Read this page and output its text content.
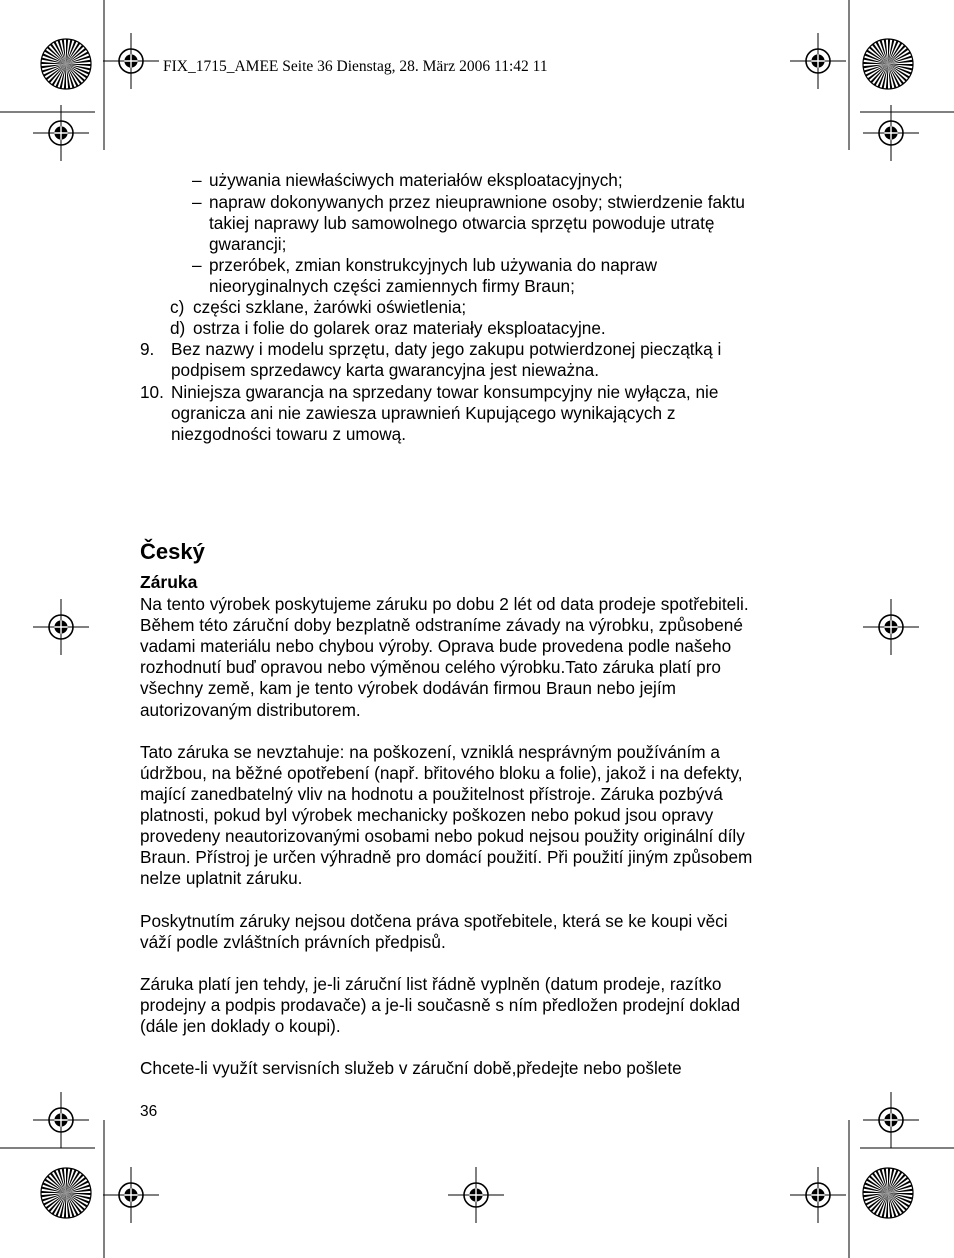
FIX_1715_AMEE Seite 36 Dienstag, 28. März 2006 11:42 11
– używania niewłaściwych materiałów eksploatacyjnych;
– napraw dokonywanych przez nieuprawnione osoby; stwierdzenie faktu
takiej naprawy lub samowolnego otwarcia sprzętu powoduje utratę
gwarancji;
– przeróbek, zmian konstrukcyjnych lub używania do napraw
nieoryginalnych części zamiennych firmy Braun;
c) części szklane, żarówki oświetlenia;
d) ostrza i folie do golarek oraz materiały eksploatacyjne.
9. Bez nazwy i modelu sprzętu, daty jego zakupu potwierdzonej pieczątką i
podpisem sprzedawcy karta gwarancyjna jest nieważna.
10. Niniejsza gwarancja na sprzedany towar konsumpcyjny nie wyłącza, nie
ogranicza ani nie zawiesza uprawnień Kupującego wynikających z
niezgodności towaru z umową.
Český
Záruka
Na tento výrobek poskytujeme záruku po dobu 2 lét od data prodeje spotřebiteli.
Během této záruční doby bezplatně odstraníme závady na výrobku, způsobené
vadami materiálu nebo chybou výroby. Oprava bude provedena podle našeho
rozhodnutí buď opravou nebo výměnou celého výrobku.Tato záruka platí pro
všechny země, kam je tento výrobek dodáván firmou Braun nebo jejím
autorizovaným distributorem.
Tato záruka se nevztahuje: na poškození, vzniklá nesprávným používáním a
údržbou, na běžné opotřebení (např. břitového bloku a folie), jakož i na defekty,
mající zanedbatelný vliv na hodnotu a použitelnost přístroje. Záruka pozbývá
platnosti, pokud byl výrobek mechanicky poškozen nebo pokud jsou opravy
provedeny neautorizovanými osobami nebo pokud nejsou použity originální díly
Braun. Přístroj je určen výhradně pro domácí použití. Při použití jiným způsobem
nelze uplatnit záruku.
Poskytnutím záruky nejsou dotčena práva spotřebitele, která se ke koupi věci
váží podle zvláštních právních předpisů.
Záruka platí jen tehdy, je-li záruční list řádně vyplněn (datum prodeje, razítko
prodejny a podpis prodavače) a je-li současně s ním předložen prodejní doklad
(dále jen doklady o koupi).
Chcete-li využít servisních služeb v záruční době,předejte nebo pošlete
36
